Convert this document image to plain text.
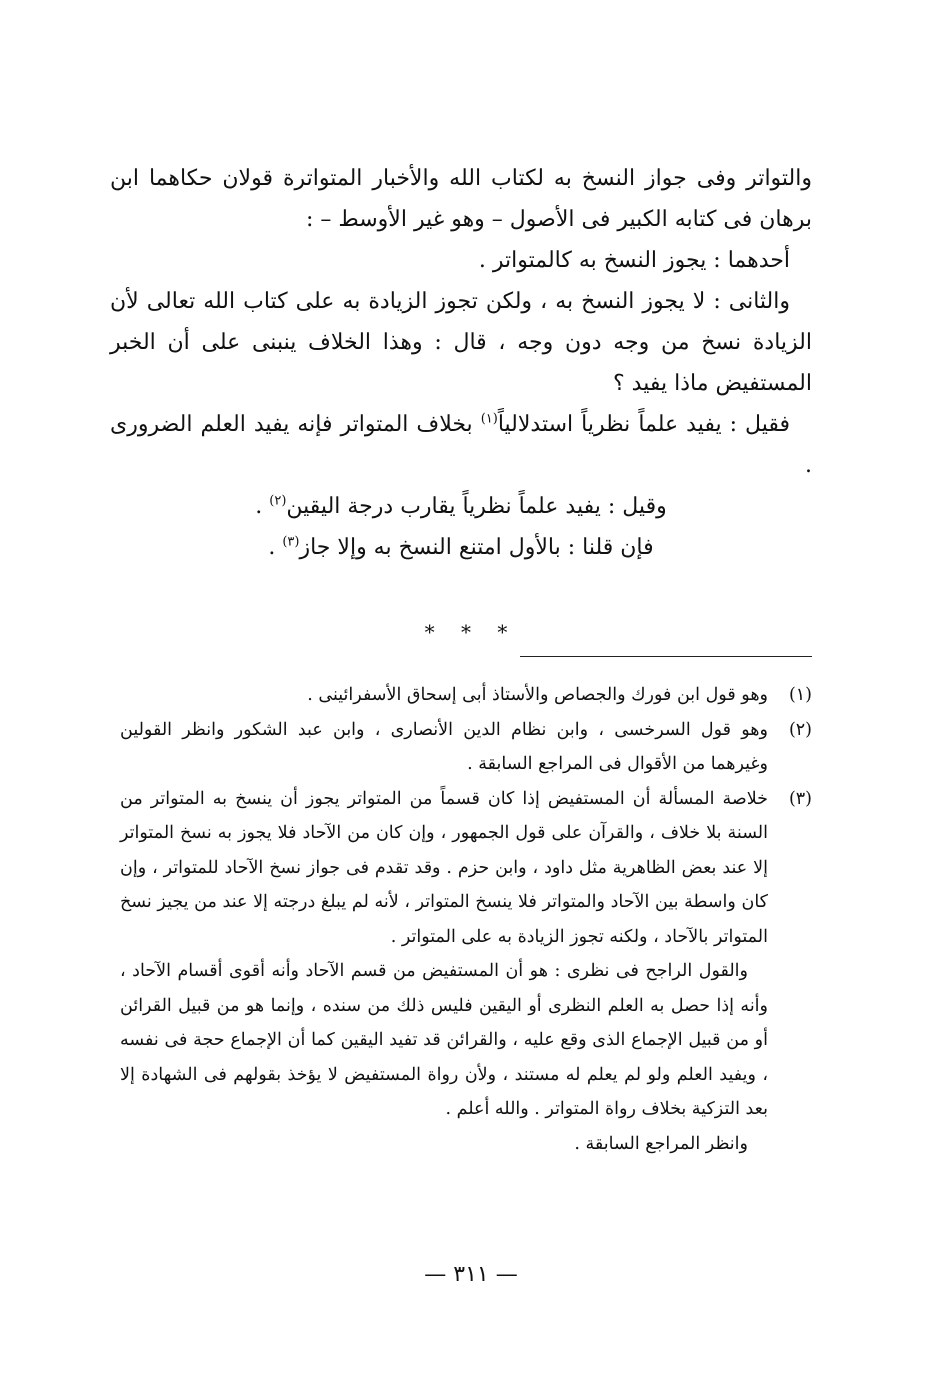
والتواتر وفى جواز النسخ به لكتاب الله والأخبار المتواترة قولان حكاهما ابن برهان فى كتابه الكبير فى الأصول – وهو غير الأوسط – :

أحدهما : يجوز النسخ به كالمتواتر .

والثانى : لا يجوز النسخ به ، ولكن تجوز الزيادة به على كتاب الله تعالى لأن الزيادة نسخ من وجه دون وجه ، قال : وهذا الخلاف ينبنى على أن الخبر المستفيض ماذا يفيد ؟

فقيل : يفيد علماً نظرياً استدلالياً$^{(١)}$ بخلاف المتواتر فإنه يفيد العلم الضرورى .

وقيل : يفيد علماً نظرياً يقارب درجة اليقين$^{(٢)}$ .

فإن قلنا : بالأول امتنع النسخ به وإلا جاز$^{(٣)}$ .

* * *
(١)

وهو قول ابن فورك والجصاص والأستاذ أبى إسحاق الأسفرائينى .

(٢)

وهو قول السرخسى ، وابن نظام الدين الأنصارى ، وابن عبد الشكور وانظر القولين وغيرهما من الأقوال فى المراجع السابقة .

(٣)

خلاصة المسألة أن المستفيض إذا كان قسماً من المتواتر يجوز أن ينسخ به المتواتر من السنة بلا خلاف ، والقرآن على قول الجمهور ، وإن كان من الآحاد فلا يجوز به نسخ المتواتر إلا عند بعض الظاهرية مثل داود ، وابن حزم . وقد تقدم فى جواز نسخ الآحاد للمتواتر ، وإن كان واسطة بين الآحاد والمتواتر فلا ينسخ المتواتر ، لأنه لم يبلغ درجته إلا عند من يجيز نسخ المتواتر بالآحاد ، ولكنه تجوز الزيادة به على المتواتر .

والقول الراجح فى نظرى : هو أن المستفيض من قسم الآحاد وأنه أقوى أقسام الآحاد ، وأنه إذا حصل به العلم النظرى أو اليقين فليس ذلك من سنده ، وإنما هو من قبيل القرائن أو من قبيل الإجماع الذى وقع عليه ، والقرائن قد تفيد اليقين كما أن الإجماع حجة فى نفسه ، ويفيد العلم ولو لم يعلم له مستند ، ولأن رواة المستفيض لا يؤخذ بقولهم فى الشهادة إلا بعد التزكية بخلاف رواة المتواتر . والله أعلم .

وانظر المراجع السابقة .

— ٣١١ —
